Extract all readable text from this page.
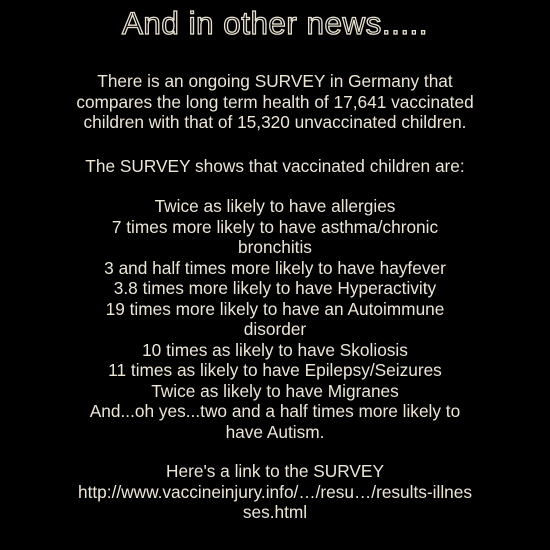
And in other news.....
There is an ongoing SURVEY in Germany that
compares the long term health of 17,641 vaccinated
children with that of 15,320 unvaccinated children.
The SURVEY shows that vaccinated children are:
Twice as likely to have allergies
7 times more likely to have asthma/chronic
bronchitis
3 and half times more likely to have hayfever
3.8 times more likely to have Hyperactivity
19 times more likely to have an Autoimmune
disorder
10 times as likely to have Skoliosis
11 times as likely to have Epilepsy/Seizures
Twice as likely to have Migranes
And...oh yes...two and a half times more likely to
have Autism.
Here's a link to the SURVEY
http://www.vaccineinjury.info/…/resu…/results-illnes
ses.html
